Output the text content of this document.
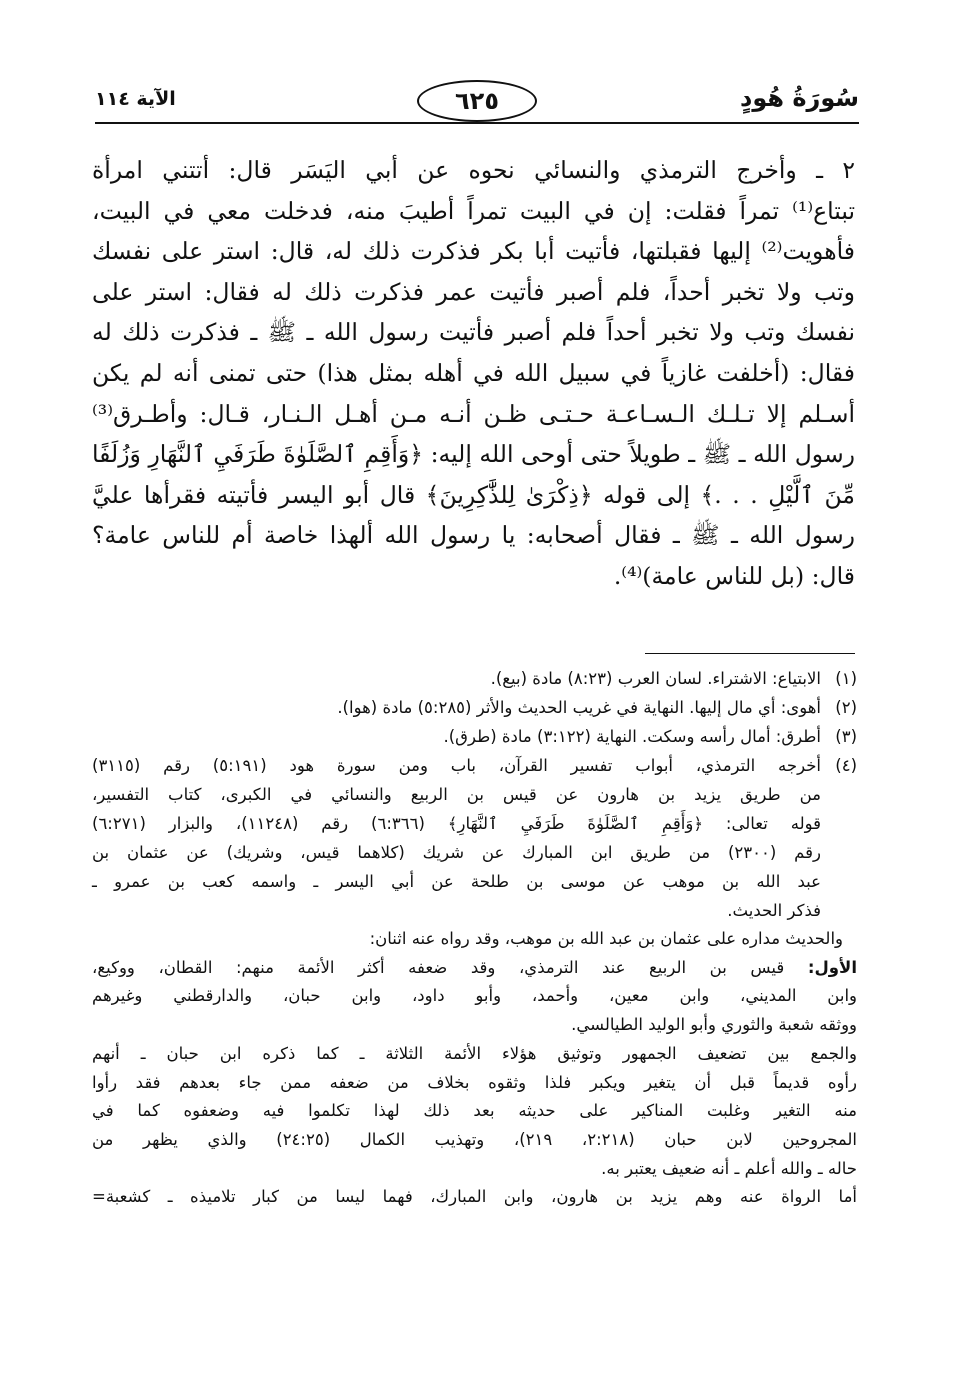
سُورَةُ هُودٍ
٦٢٥
الآية ١١٤

٢ ـ وأخرج الترمذي والنسائي نحوه عن أبي اليَسَر قال: أتتني امرأة
تبتاع⁽¹⁾ تمراً فقلت: إن في البيت تمراً أطيبَ منه، فدخلت معي في البيت،
فأهويت⁽²⁾ إليها فقبلتها، فأتيت أبا بكر فذكرت ذلك له، قال: استر على نفسك
وتب ولا تخبر أحداً، فلم أصبر فأتيت عمر فذكرت ذلك له فقال: استر على
نفسك وتب ولا تخبر أحداً فلم أصبر فأتيت رسول الله ـ ﷺ ـ فذكرت ذلك له
فقال: (أخلفت غازياً في سبيل الله في أهله بمثل هذا) حتى تمنى أنه لم يكن
أسـلم إلا تـلـك الـسـاعـة حـتـى ظـن أنـه مـن أهـل الـنـار، قـال: وأطـرق⁽³⁾
رسول الله ـ ﷺ ـ طويلاً حتى أوحى الله إليه: ﴿وَأَقِمِ ٱلصَّلَوٰةَ طَرَفَيِ ٱلنَّهَارِ وَزُلَفًا
مِّنَ ٱلَّيْلِ . . .﴾ إلى قوله ﴿ذِكْرَىٰ لِلذَّٰكِرِينَ﴾ قال أبو اليسر فأتيته فقرأها عليَّ
رسول الله ـ ﷺ ـ فقال أصحابه: يا رسول الله ألهذا خاصة أم للناس عامة؟
قال: (بل للناس عامة)⁽⁴⁾.

(١)
الابتياع: الاشتراء. لسان العرب (٨:٢٣) مادة (بيع).
(٢)
أهوى: أي مال إليها. النهاية في غريب الحديث والأثر (٥:٢٨٥) مادة (هوا).
(٣)
أطرق: أمال رأسه وسكت. النهاية (٣:١٢٢) مادة (طرق).
(٤)
أخرجه الترمذي، أبواب تفسير القرآن، باب ومن سورة هود (٥:١٩١) رقم (٣١١٥)
من طريق يزيد بن هارون عن قيس بن الربيع والنسائي في الكبرى، كتاب التفسير،
قوله تعالى: ﴿وَأَقِمِ ٱلصَّلَوٰةَ طَرَفَيِ ٱلنَّهَارِ﴾ (٦:٣٦٦) رقم (١١٢٤٨)، والبزار (٦:٢٧١)
رقم (٢٣٠٠) من طريق ابن المبارك عن شريك (كلاهما قيس، وشريك) عن عثمان بن
عبد الله بن موهب عن موسى بن طلحة عن أبي اليسر ـ واسمه كعب بن عمرو ـ
فذكر الحديث.
والحديث مداره على عثمان بن عبد الله بن موهب، وقد رواه عنه اثنان:
الأول: قيس بن الربيع عند الترمذي، وقد ضعفه أكثر الأئمة منهم: القطان، ووكيع،
وابن المديني، وابن معين، وأحمد، وأبو داود، وابن حبان، والدارقطني وغيرهم
ووثقه شعبة والثوري وأبو الوليد الطيالسي.
والجمع بين تضعيف الجمهور وتوثيق هؤلاء الأئمة الثلاثة ـ كما ذكره ابن حبان ـ أنهم
رأوه قديماً قبل أن يتغير ويكبر فلذا وثقوه بخلاف من ضعفه ممن جاء بعدهم فقد رأوا
منه التغير وغلبت المناكير على حديثه بعد ذلك لهذا تكلموا فيه وضعفوه كما في
المجروحين لابن حبان (٢:٢١٨، ٢١٩)، وتهذيب الكمال (٢٤:٢٥) والذي يظهر من
حاله ـ والله أعلم ـ أنه ضعيف يعتبر به.
أما الرواة عنه وهم يزيد بن هارون، وابن المبارك، فهما ليسا من كبار تلاميذه ـ كشعبة=
